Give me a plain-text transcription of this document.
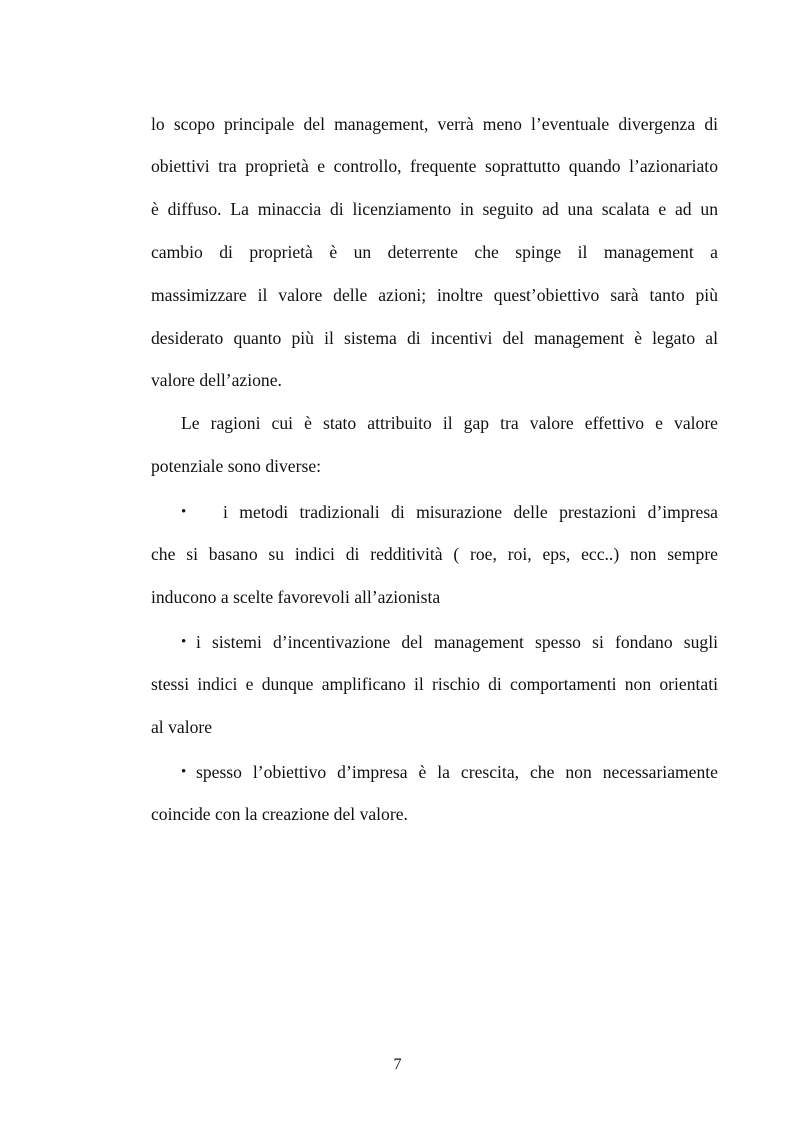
lo scopo principale del management, verrà meno l’eventuale divergenza di
obiettivi tra proprietà e controllo, frequente soprattutto quando l’azionariato
è diffuso. La minaccia di licenziamento in seguito ad una scalata e ad un
cambio di proprietà è un deterrente che spinge il management a
massimizzare il valore delle azioni; inoltre quest’obiettivo sarà tanto più
desiderato quanto più il sistema di incentivi del management è legato al
valore dell’azione.
Le ragioni cui è stato attribuito il gap tra valore effettivo e valore
potenziale sono diverse:
• i metodi tradizionali di misurazione delle prestazioni d’impresa
che si basano su indici di redditività ( roe, roi, eps, ecc..) non sempre
inducono a scelte favorevoli all’azionista
• i sistemi d’incentivazione del management spesso si fondano sugli
stessi indici e dunque amplificano il rischio di comportamenti non orientati
al valore
• spesso l’obiettivo d’impresa è la crescita, che non necessariamente
coincide con la creazione del valore.
7
